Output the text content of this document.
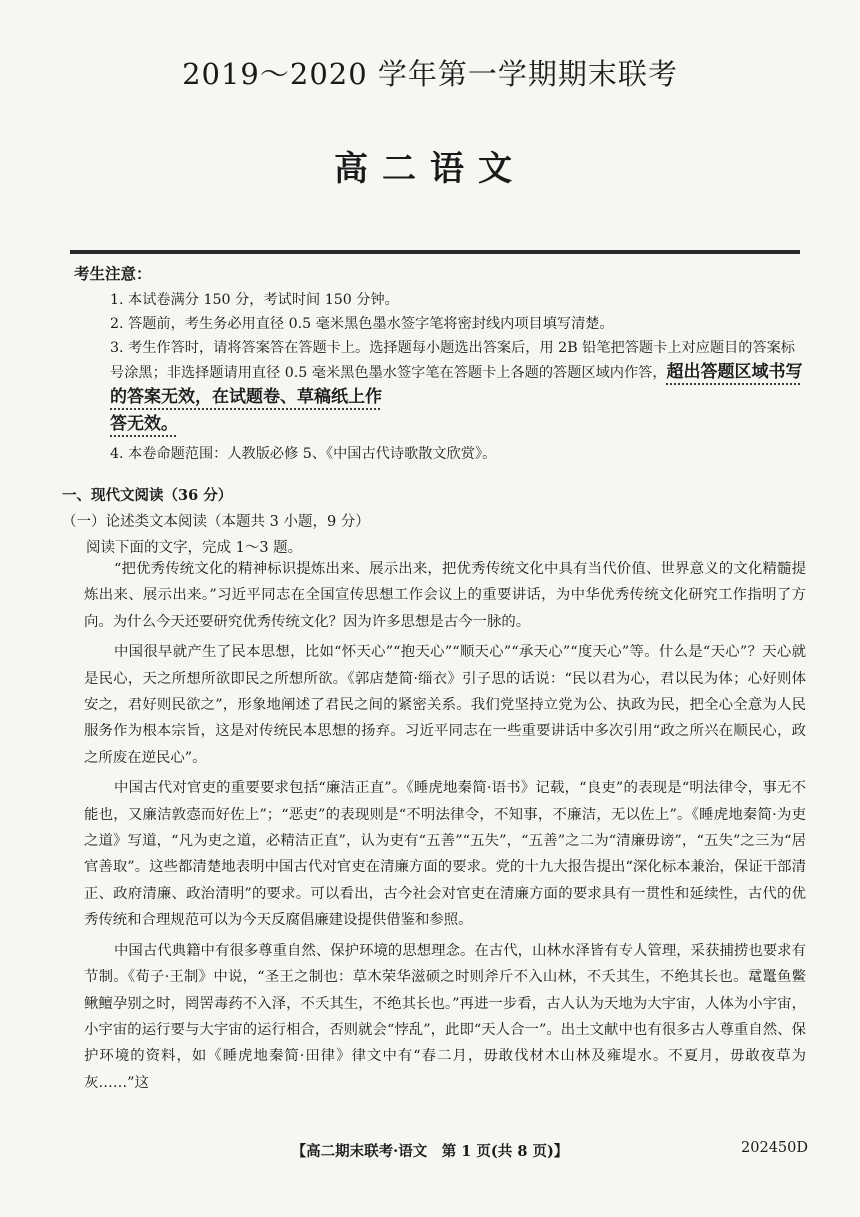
2019～2020 学年第一学期期末联考
高二语文
考生注意：
1. 本试卷满分 150 分，考试时间 150 分钟。
2. 答题前，考生务必用直径 0.5 毫米黑色墨水签字笔将密封线内项目填写清楚。
3. 考生作答时，请将答案答在答题卡上。选择题每小题选出答案后，用 2B 铅笔把答题卡上对应题目的答案标号涂黑；非选择题请用直径 0.5 毫米黑色墨水签字笔在答题卡上各题的答题区域内作答，超出答题区域书写的答案无效，在试题卷、草稿纸上作
答无效。
4. 本卷命题范围：人教版必修 5、《中国古代诗歌散文欣赏》。
一、现代文阅读（36 分）
（一）论述类文本阅读（本题共 3 小题，9 分）
阅读下面的文字，完成 1～3 题。

“把优秀传统文化的精神标识提炼出来、展示出来，把优秀传统文化中具有当代价值、世界意义的文化精髓提炼出来、展示出来。”习近平同志在全国宣传思想工作会议上的重要讲话，为中华优秀传统文化研究工作指明了方向。为什么今天还要研究优秀传统文化？因为许多思想是古今一脉的。

中国很早就产生了民本思想，比如“怀天心”“抱天心”“顺天心”“承天心”“度天心”等。什么是“天心”？天心就是民心，天之所想所欲即民之所想所欲。《郭店楚简·缁衣》引子思的话说：“民以君为心，君以民为体；心好则体安之，君好则民欲之”，形象地阐述了君民之间的紧密关系。我们党坚持立党为公、执政为民，把全心全意为人民服务作为根本宗旨，这是对传统民本思想的扬弃。习近平同志在一些重要讲话中多次引用“政之所兴在顺民心，政之所废在逆民心”。

中国古代对官吏的重要要求包括“廉洁正直”。《睡虎地秦简·语书》记载，“良吏”的表现是“明法律令，事无不能也，又廉洁敦悫而好佐上”；“恶吏”的表现则是“不明法律令，不知事，不廉洁，无以佐上”。《睡虎地秦简·为吏之道》写道，“凡为吏之道，必精洁正直”，认为吏有“五善”“五失”，“五善”之二为“清廉毋谤”，“五失”之三为“居官善取”。这些都清楚地表明中国古代对官吏在清廉方面的要求。党的十九大报告提出“深化标本兼治，保证干部清正、政府清廉、政治清明”的要求。可以看出，古今社会对官吏在清廉方面的要求具有一贯性和延续性，古代的优秀传统和合理规范可以为今天反腐倡廉建设提供借鉴和参照。

中国古代典籍中有很多尊重自然、保护环境的思想理念。在古代，山林水泽皆有专人管理，采获捕捞也要求有节制。《荀子·王制》中说，“圣王之制也：草木荣华滋硕之时则斧斤不入山林，不夭其生，不绝其长也。鼋鼍鱼鳖鳅鳣孕别之时，罔罟毒药不入泽，不夭其生，不绝其长也。”再进一步看，古人认为天地为大宇宙，人体为小宇宙，小宇宙的运行要与大宇宙的运行相合，否则就会“悖乱”，此即“天人合一”。出土文献中也有很多古人尊重自然、保护环境的资料，如《睡虎地秦简·田律》律文中有“春二月，毋敢伐材木山林及雍堤水。不夏月，毋敢夜草为灰……”这

【高二期末联考·语文　第 1 页(共 8 页)】	202450D
